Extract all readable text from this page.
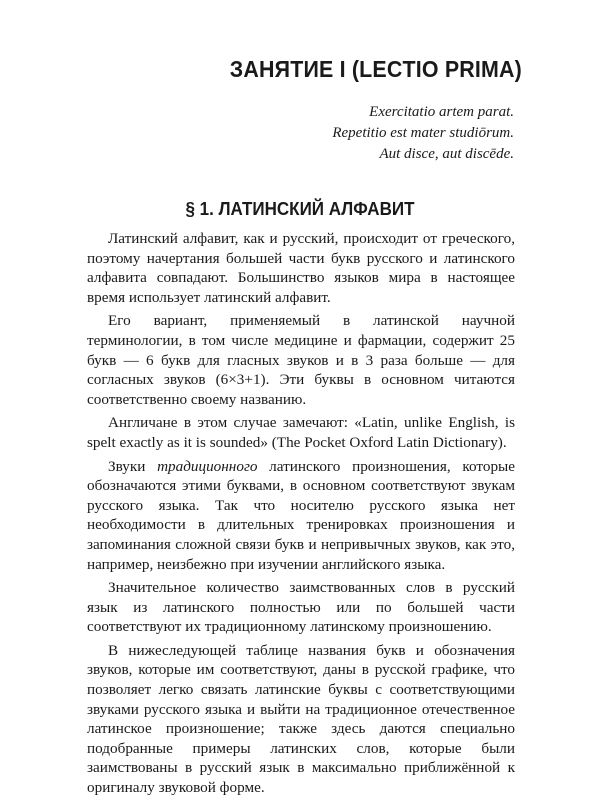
ЗАНЯТИЕ I (LECTIO PRIMA)
Exercitatio artem parat.
Repetitio est mater studiōrum.
Aut disce, aut discēde.
§ 1. ЛАТИНСКИЙ АЛФАВИТ

Латинский алфавит, как и русский, происходит от греческого, поэтому начертания большей части букв русского и латинского алфавита совпадают. Большинство языков мира в настоящее время использует латинский алфавит.

Его вариант, применяемый в латинской научной терминологии, в том числе медицине и фармации, содержит 25 букв — 6 букв для гласных звуков и в 3 раза больше — для согласных звуков (6×3+1). Эти буквы в основном читаются соответственно своему названию.

Англичане в этом случае замечают: «Latin, unlike English, is spelt exactly as it is sounded» (The Pocket Oxford Latin Dictionary).

Звуки традиционного латинского произношения, которые обозначаются этими буквами, в основном соответствуют звукам русского языка. Так что носителю русского языка нет необходимости в длительных тренировках произношения и запоминания сложной связи букв и непривычных звуков, как это, например, неизбежно при изучении английского языка.

Значительное количество заимствованных слов в русский язык из латинского полностью или по большей части соответствуют их традиционному латинскому произношению.

В нижеследующей таблице названия букв и обозначения звуков, которые им соответствуют, даны в русской графике, что позволяет легко связать латинские буквы с соответствующими звуками русского языка и выйти на традиционное отечественное латинское произношение; также здесь даются специально подобранные примеры латинских слов, которые были заимствованы в русский язык в максимально приближённой к оригиналу звуковой форме.
